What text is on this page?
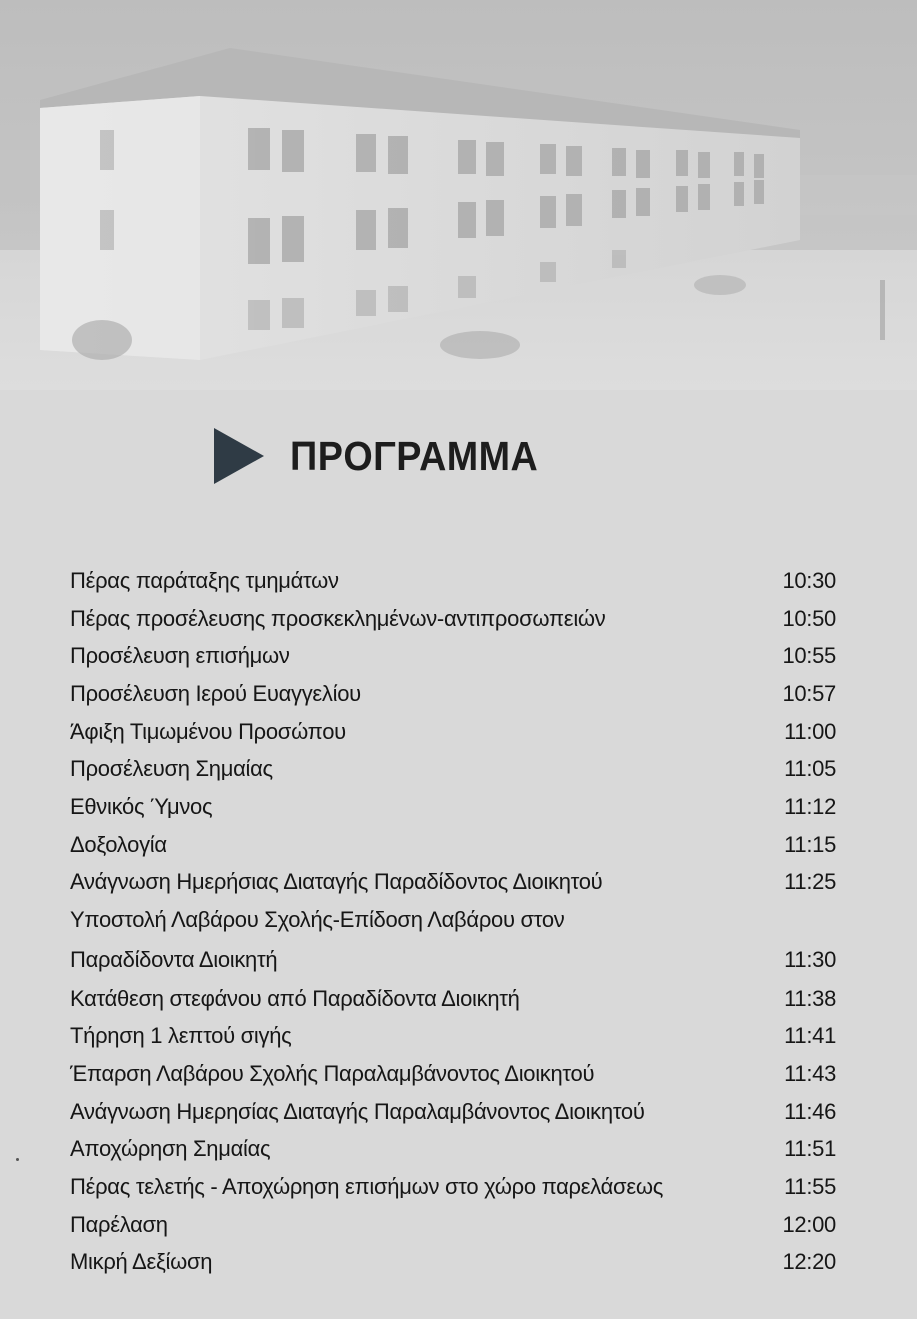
ΠΡΟΓΡΑΜΜΑ
Πέρας παράταξης τμημάτων	10:30
Πέρας προσέλευσης προσκεκλημένων-αντιπροσωπειών	10:50
Προσέλευση επισήμων	10:55
Προσέλευση Ιερού Ευαγγελίου	10:57
Άφιξη Τιμωμένου Προσώπου	11:00
Προσέλευση Σημαίας	11:05
Εθνικός Ύμνος	11:12
Δοξολογία	11:15
Ανάγνωση Ημερήσιας Διαταγής Παραδίδοντος Διοικητού	11:25
Υποστολή Λαβάρου Σχολής-Επίδοση Λαβάρου στον
Παραδίδοντα Διοικητή	11:30
Κατάθεση στεφάνου από Παραδίδοντα Διοικητή	11:38
Τήρηση 1 λεπτού σιγής	11:41
Έπαρση Λαβάρου Σχολής Παραλαμβάνοντος Διοικητού	11:43
Ανάγνωση Ημερησίας Διαταγής Παραλαμβάνοντος Διοικητού	11:46
Αποχώρηση Σημαίας	11:51
Πέρας τελετής - Αποχώρηση επισήμων στο χώρο παρελάσεως	11:55
Παρέλαση	12:00
Μικρή Δεξίωση	12:20
